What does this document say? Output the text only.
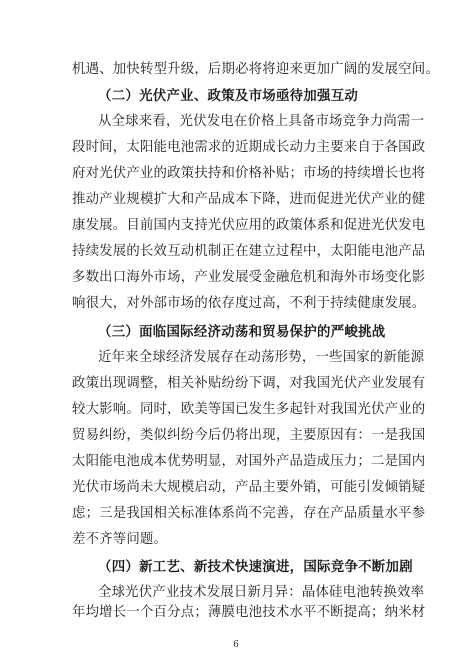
机遇、加快转型升级，后期必将将迎来更加广阔的发展空间。
（二）光伏产业、政策及市场亟待加强互动
从全球来看，光伏发电在价格上具备市场竞争力尚需一
段时间，太阳能电池需求的近期成长动力主要来自于各国政
府对光伏产业的政策扶持和价格补贴；市场的持续增长也将
推动产业规模扩大和产品成本下降，进而促进光伏产业的健
康发展。目前国内支持光伏应用的政策体系和促进光伏发电
持续发展的长效互动机制正在建立过程中，太阳能电池产品
多数出口海外市场，产业发展受金融危机和海外市场变化影
响很大，对外部市场的依存度过高，不利于持续健康发展。
（三）面临国际经济动荡和贸易保护的严峻挑战
近年来全球经济发展存在动荡形势，一些国家的新能源
政策出现调整，相关补贴纷纷下调，对我国光伏产业发展有
较大影响。同时，欧美等国已发生多起针对我国光伏产业的
贸易纠纷，类似纠纷今后仍将出现，主要原因有：一是我国
太阳能电池成本优势明显，对国外产品造成压力；二是国内
光伏市场尚未大规模启动，产品主要外销，可能引发倾销疑
虑；三是我国相关标准体系尚不完善，存在产品质量水平参
差不齐等问题。
（四）新工艺、新技术快速演进，国际竞争不断加剧
全球光伏产业技术发展日新月异：晶体硅电池转换效率
年均增长一个百分点；薄膜电池技术水平不断提高；纳米材
6
